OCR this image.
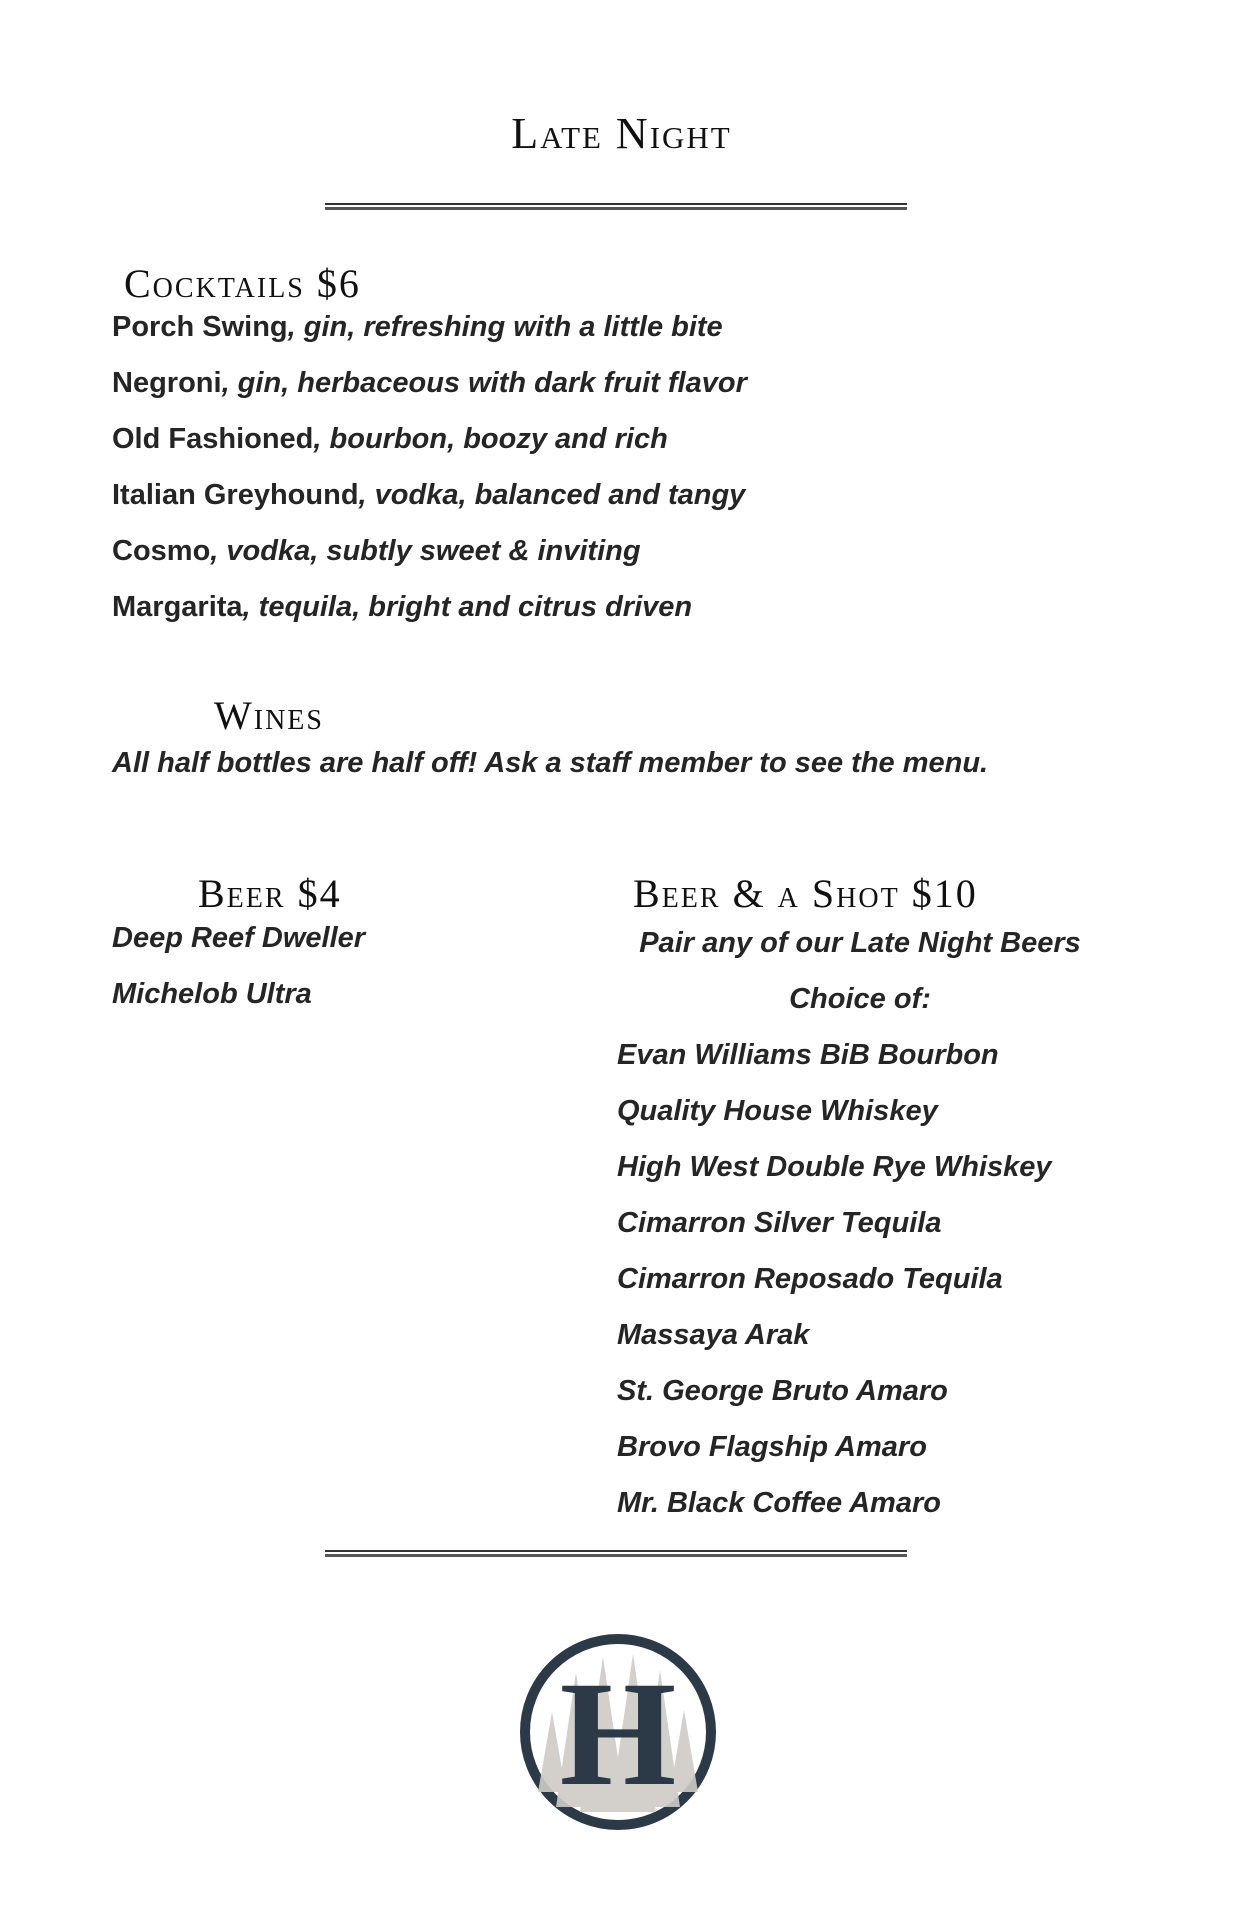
Late Night
Cocktails $6

Porch Swing, gin, refreshing with a little bite

Negroni, gin, herbaceous with dark fruit flavor

Old Fashioned, bourbon, boozy and rich

Italian Greyhound, vodka, balanced and tangy

Cosmo, vodka, subtly sweet & inviting

Margarita, tequila, bright and citrus driven

Wines

All half bottles are half off! Ask a staff member to see the menu.

Beer $4

Deep Reef Dweller

Michelob Ultra

Beer & a Shot $10

Pair any of our Late Night Beers

Choice of:

Evan Williams BiB Bourbon

Quality House Whiskey

High West Double Rye Whiskey

Cimarron Silver Tequila

Cimarron Reposado Tequila

Massaya Arak

St. George Bruto Amaro

Brovo Flagship Amaro

Mr. Black Coffee Amaro

H
